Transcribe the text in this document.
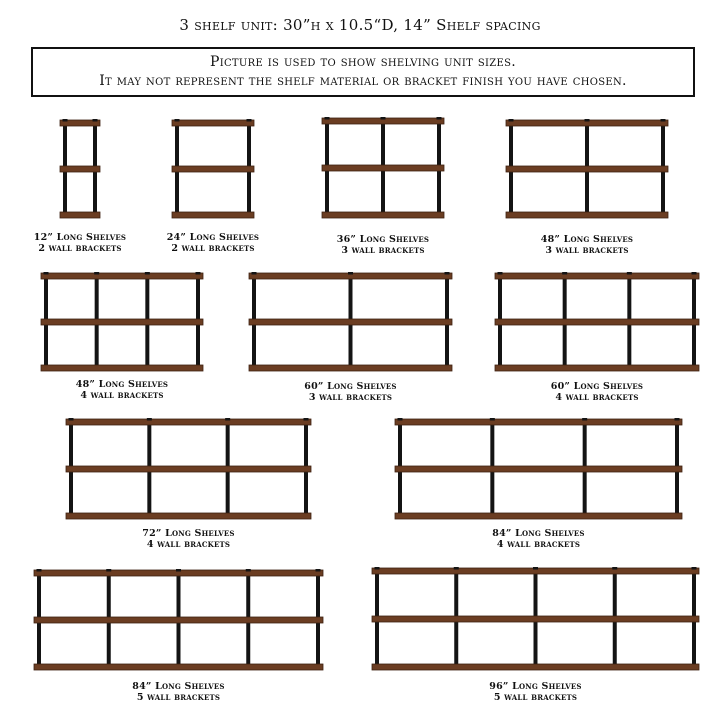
3 shelf unit: 30”h x 10.5“D, 14” Shelf spacing
Picture is used to show shelving unit sizes.
It may not represent the shelf material or bracket finish you have chosen.
12” Long Shelves
2 wall brackets
24” Long Shelves
2 wall brackets
36” Long Shelves
3 wall brackets
48” Long Shelves
3 wall brackets
48” Long Shelves
4 wall brackets
60” Long Shelves
3 wall brackets
60” Long Shelves
4 wall brackets
72” Long Shelves
4 wall brackets
84” Long Shelves
4 wall brackets
84” Long Shelves
5 wall brackets
96” Long Shelves
5 wall brackets
